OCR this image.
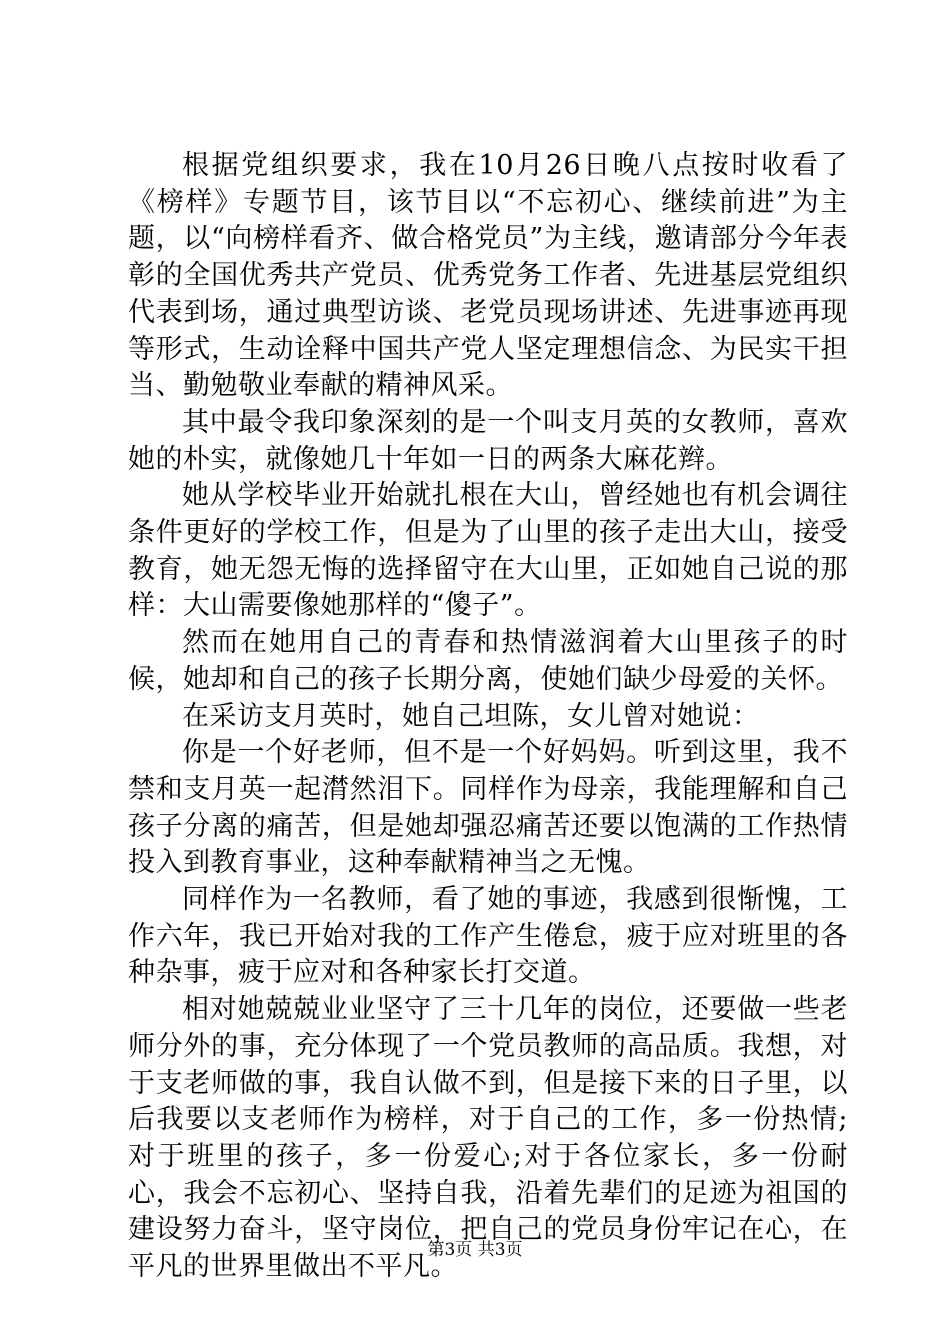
根据党组织要求，我在10月26日晚八点按时收看了《榜样》专题节目，该节目以“不忘初心、继续前进”为主题，以“向榜样看齐、做合格党员”为主线，邀请部分今年表彰的全国优秀共产党员、优秀党务工作者、先进基层党组织代表到场，通过典型访谈、老党员现场讲述、先进事迹再现等形式，生动诠释中国共产党人坚定理想信念、为民实干担当、勤勉敬业奉献的精神风采。

其中最令我印象深刻的是一个叫支月英的女教师，喜欢她的朴实，就像她几十年如一日的两条大麻花辫。

她从学校毕业开始就扎根在大山，曾经她也有机会调往条件更好的学校工作，但是为了山里的孩子走出大山，接受教育，她无怨无悔的选择留守在大山里，正如她自己说的那样：大山需要像她那样的“傻子”。

然而在她用自己的青春和热情滋润着大山里孩子的时候，她却和自己的孩子长期分离，使她们缺少母爱的关怀。

在采访支月英时，她自己坦陈，女儿曾对她说：

你是一个好老师，但不是一个好妈妈。听到这里，我不禁和支月英一起潸然泪下。同样作为母亲，我能理解和自己孩子分离的痛苦，但是她却强忍痛苦还要以饱满的工作热情投入到教育事业，这种奉献精神当之无愧。

同样作为一名教师，看了她的事迹，我感到很惭愧，工作六年，我已开始对我的工作产生倦怠，疲于应对班里的各种杂事，疲于应对和各种家长打交道。

相对她兢兢业业坚守了三十几年的岗位，还要做一些老师分外的事，充分体现了一个党员教师的高品质。我想，对于支老师做的事，我自认做不到，但是接下来的日子里，以后我要以支老师作为榜样，对于自己的工作，多一份热情;对于班里的孩子，多一份爱心;对于各位家长，多一份耐心，我会不忘初心、坚持自我，沿着先辈们的足迹为祖国的建设努力奋斗，坚守岗位，把自己的党员身份牢记在心，在平凡的世界里做出不平凡。

第3页 共3页
